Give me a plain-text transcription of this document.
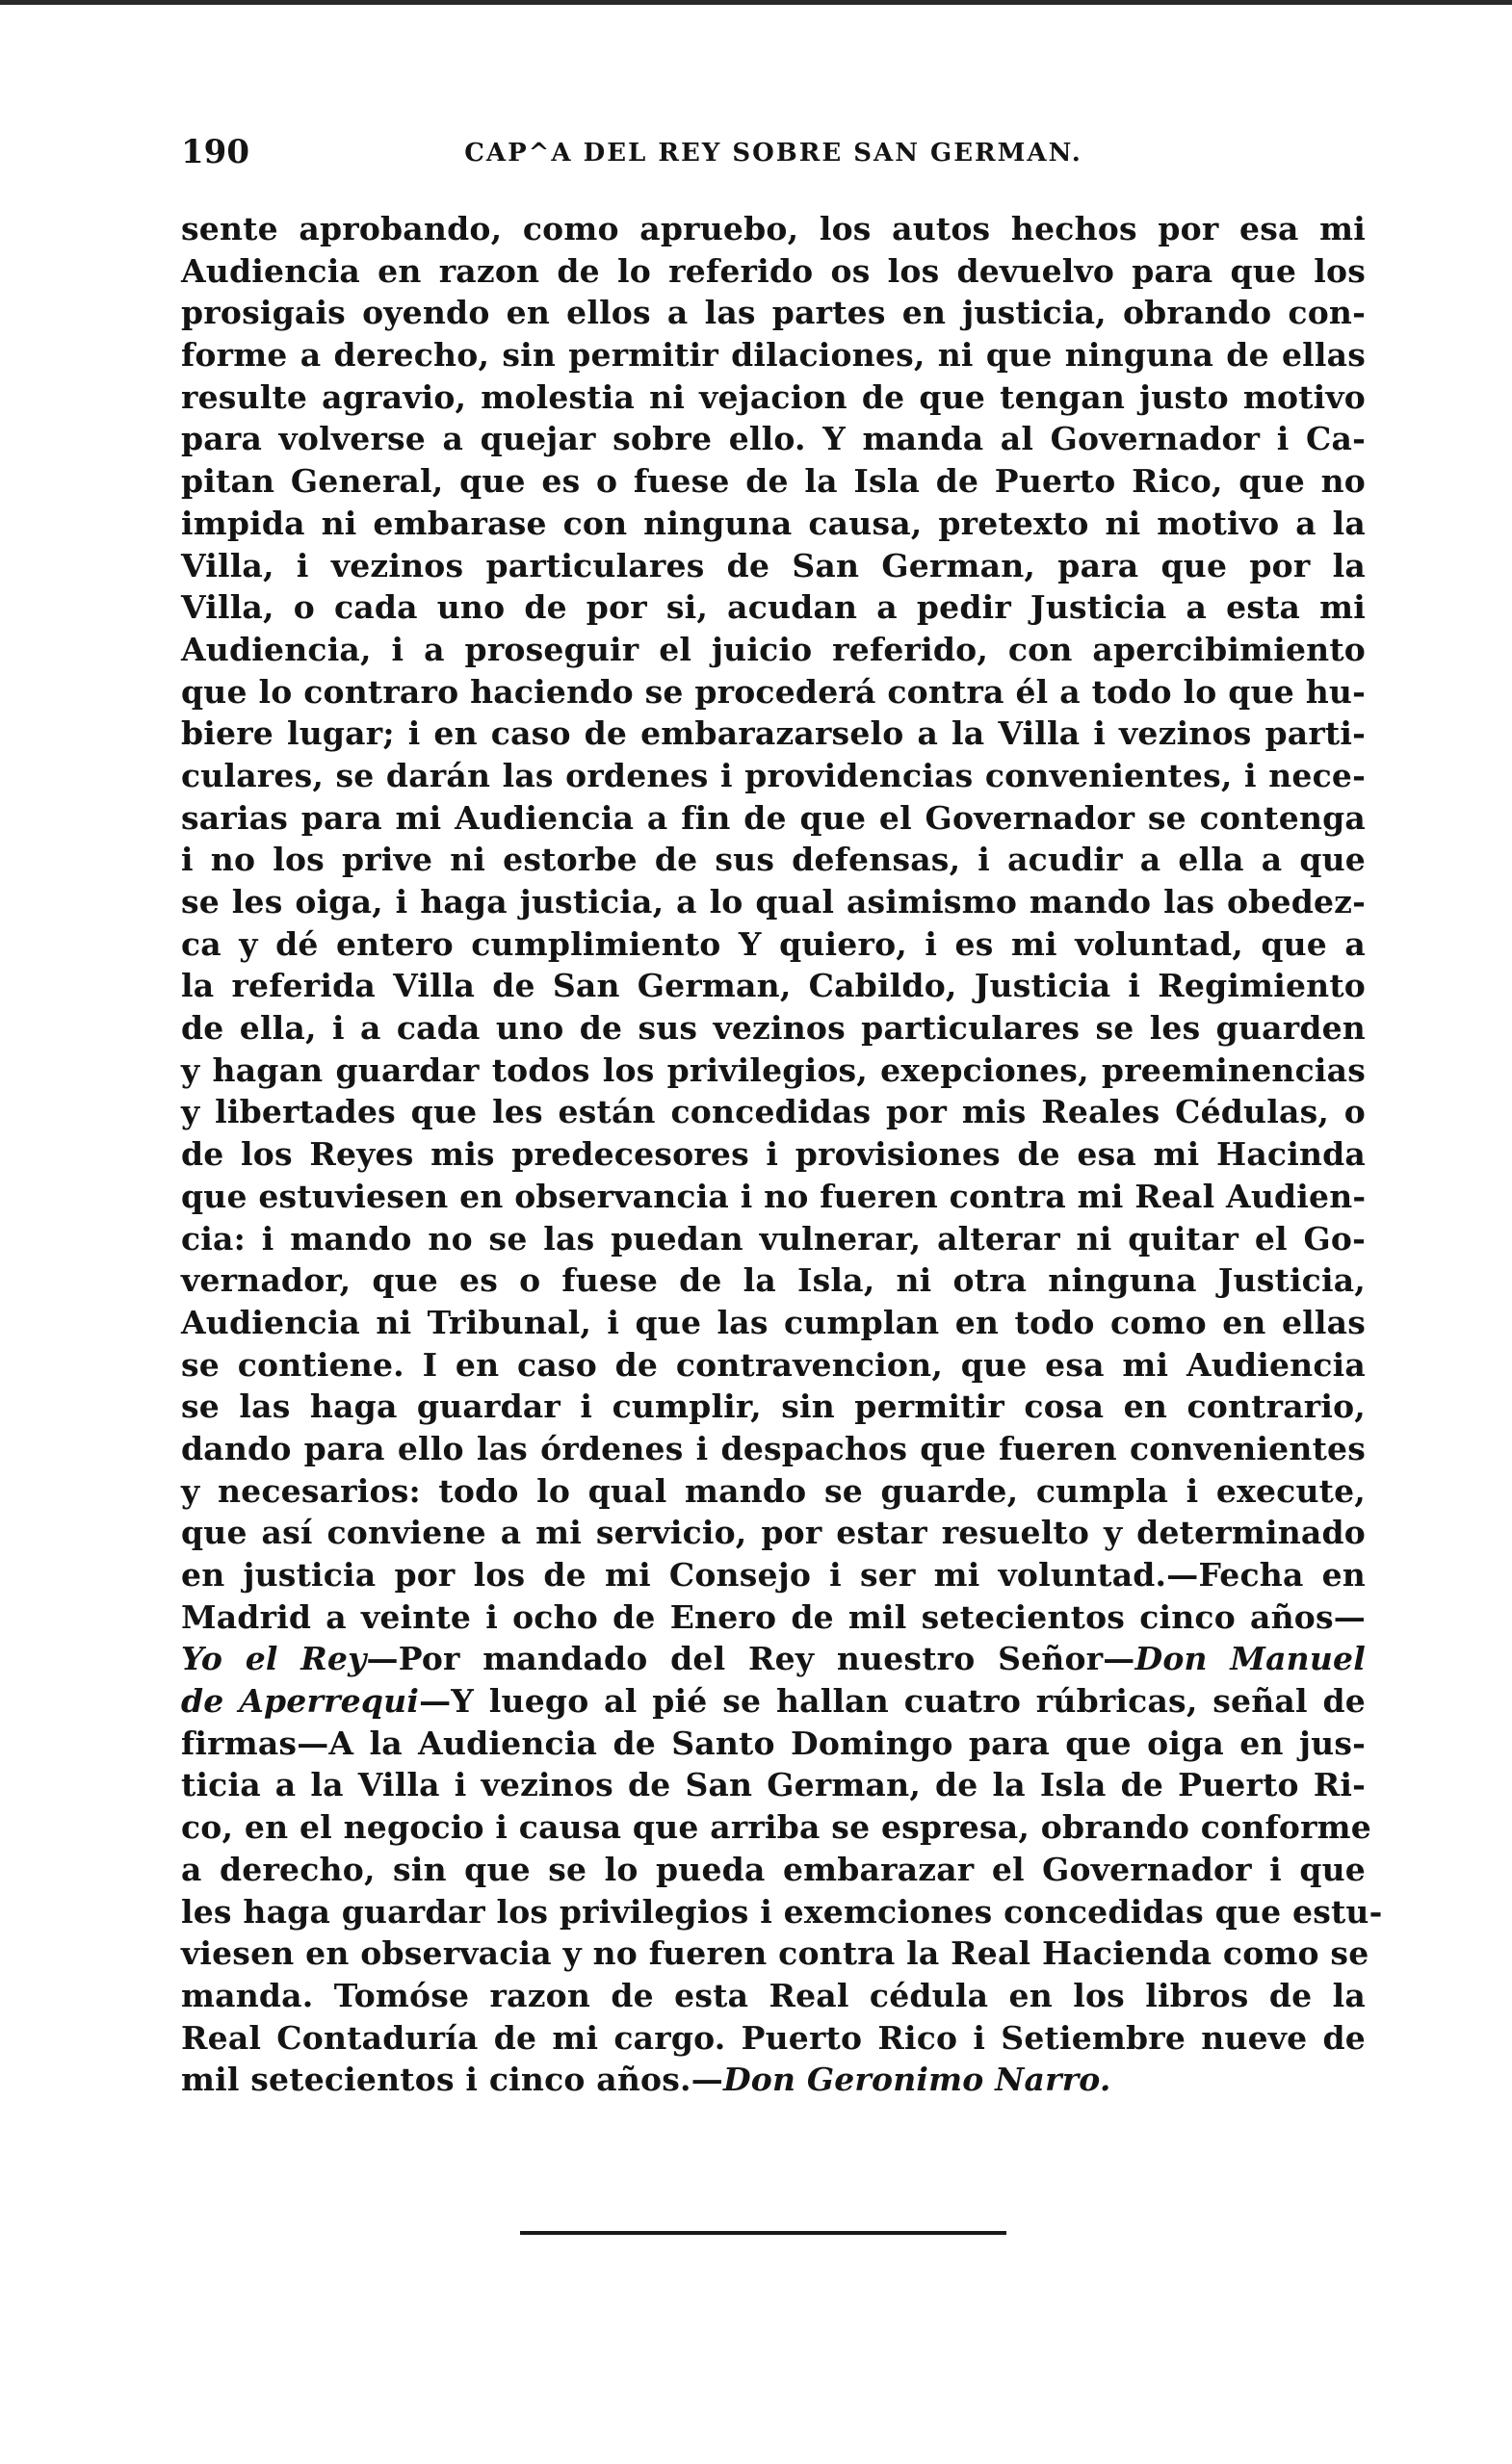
190	CAP^A DEL REY SOBRE SAN GERMAN.
sente aprobando, como apruebo, los autos hechos por esa mi
Audiencia en razon de lo referido os los devuelvo para que los
prosigais oyendo en ellos a las partes en justicia, obrando con-
forme a derecho, sin permitir dilaciones, ni que ninguna de ellas
resulte agravio, molestia ni vejacion de que tengan justo motivo
para volverse a quejar sobre ello. Y manda al Governador i Ca-
pitan General, que es o fuese de la Isla de Puerto Rico, que no
impida ni embarase con ninguna causa, pretexto ni motivo a la
Villa, i vezinos particulares de San German, para que por la
Villa, o cada uno de por si, acudan a pedir Justicia a esta mi
Audiencia, i a proseguir el juicio referido, con apercibimiento
que lo contraro haciendo se procederá contra él a todo lo que hu-
biere lugar; i en caso de embarazarselo a la Villa i vezinos parti-
culares, se darán las ordenes i providencias convenientes, i nece-
sarias para mi Audiencia a fin de que el Governador se contenga
i no los prive ni estorbe de sus defensas, i acudir a ella a que
se les oiga, i haga justicia, a lo qual asimismo mando las obedez-
ca y dé entero cumplimiento Y quiero, i es mi voluntad, que a
la referida Villa de San German, Cabildo, Justicia i Regimiento
de ella, i a cada uno de sus vezinos particulares se les guarden
y hagan guardar todos los privilegios, exepciones, preeminencias
y libertades que les están concedidas por mis Reales Cédulas, o
de los Reyes mis predecesores i provisiones de esa mi Hacinda
que estuviesen en observancia i no fueren contra mi Real Audien-
cia: i mando no se las puedan vulnerar, alterar ni quitar el Go-
vernador, que es o fuese de la Isla, ni otra ninguna Justicia,
Audiencia ni Tribunal, i que las cumplan en todo como en ellas
se contiene. I en caso de contravencion, que esa mi Audiencia
se las haga guardar i cumplir, sin permitir cosa en contrario,
dando para ello las órdenes i despachos que fueren convenientes
y necesarios: todo lo qual mando se guarde, cumpla i execute,
que así conviene a mi servicio, por estar resuelto y determinado
en justicia por los de mi Consejo i ser mi voluntad.—Fecha en
Madrid a veinte i ocho de Enero de mil setecientos cinco años—
Yo el Rey—Por mandado del Rey nuestro Señor—Don Manuel
de Aperrequi—Y luego al pié se hallan cuatro rúbricas, señal de
firmas—A la Audiencia de Santo Domingo para que oiga en jus-
ticia a la Villa i vezinos de San German, de la Isla de Puerto Ri-
co, en el negocio i causa que arriba se espresa, obrando conforme
a derecho, sin que se lo pueda embarazar el Governador i que
les haga guardar los privilegios i exemciones concedidas que estu-
viesen en observacia y no fueren contra la Real Hacienda como se
manda. Tomóse razon de esta Real cédula en los libros de la
Real Contaduría de mi cargo. Puerto Rico i Setiembre nueve de
mil setecientos i cinco años.—Don Geronimo Narro.
